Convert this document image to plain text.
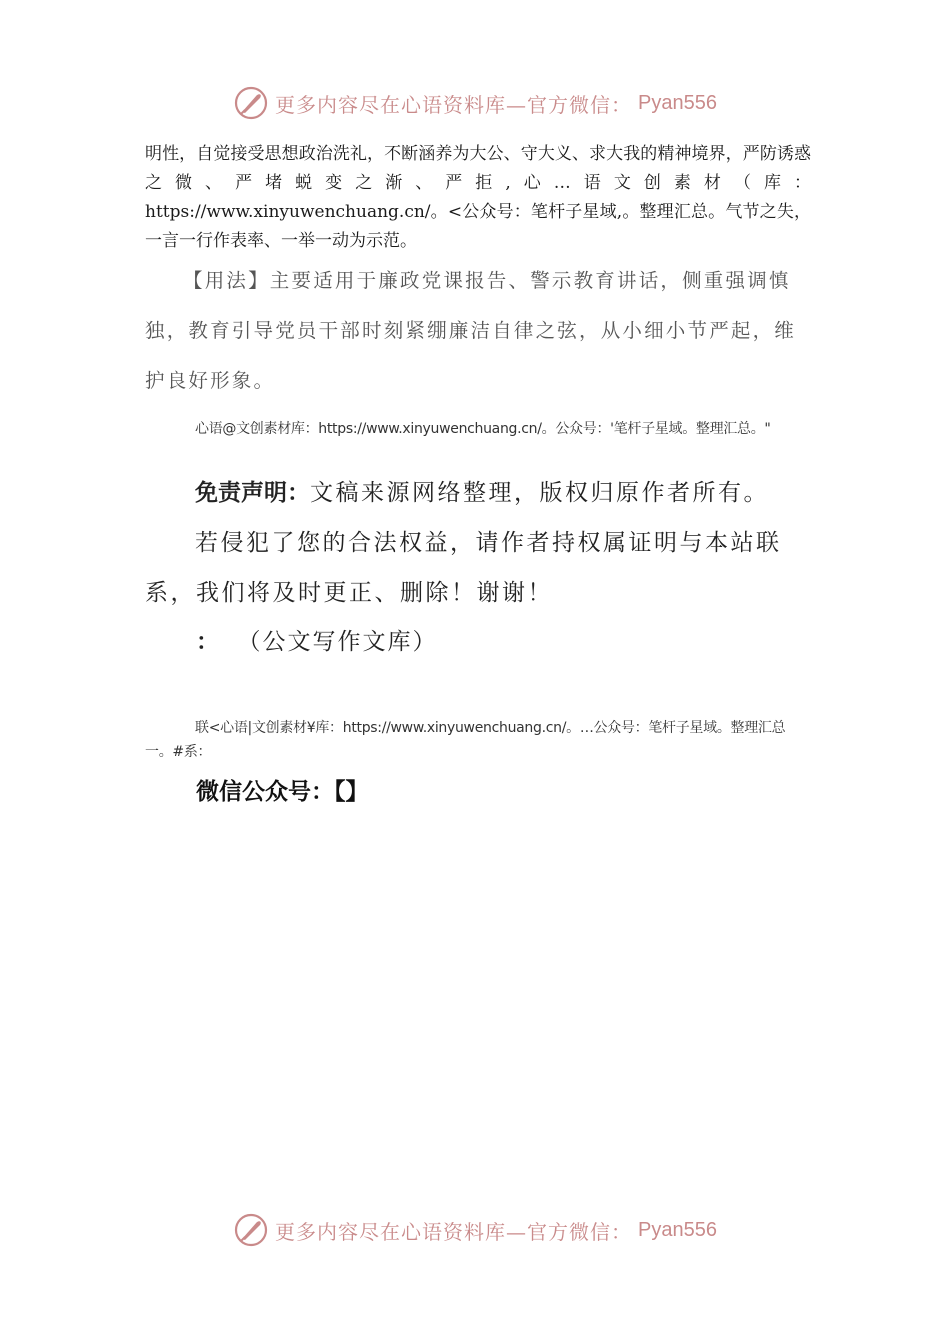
更多内容尽在心语资料库—官方微信： Pyan556
明性，自觉接受思想政治洗礼，不断涵养为大公、守大义、求大我的精神境界，严防诱惑之微、严堵蜕变之渐、严拒,心…语文创素材（库：https://www.xinyuwenchuang.cn/。<公众号：笔杆子星域,。整理汇总。气节之失，一言一行作表率、一举一动为示范。
【用法】主要适用于廉政党课报告、警示教育讲话，侧重强调慎独，教育引导党员干部时刻紧绷廉洁自律之弦，从小细小节严起，维护良好形象。
心语@文创素材库：https://www.xinyuwenchuang.cn/。公众号：'笔杆子星域。整理汇总。"

免责声明：文稿来源网络整理，版权归原作者所有。

若侵犯了您的合法权益，请作者持权属证明与本站联系，我们将及时更正、删除！谢谢！

： （公文写作文库）
联<心语|文创素材¥库：https://www.xinyuwenchuang.cn/。…公众号：笔杆子星域。整理汇总一。#系：
微信公众号：【】
更多内容尽在心语资料库—官方微信： Pyan556
